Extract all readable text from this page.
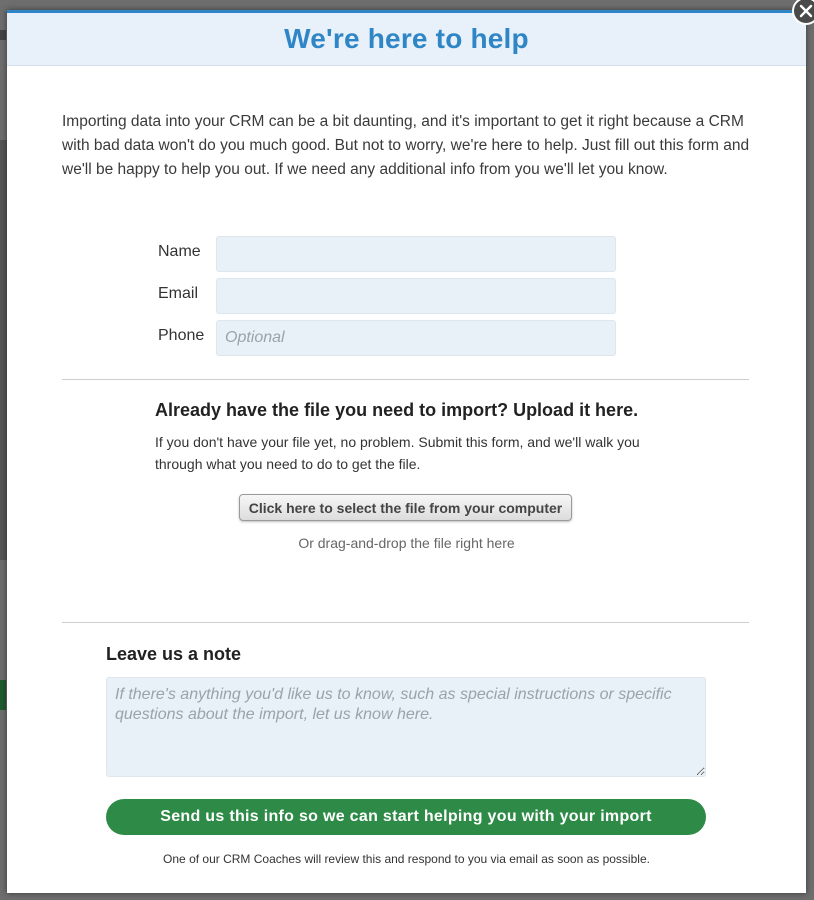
We're here to help
Importing data into your CRM can be a bit daunting, and it's important to get it right because a CRM with bad data won't do you much good. But not to worry, we're here to help. Just fill out this form and we'll be happy to help you out. If we need any additional info from you we'll let you know.
Name
Email
Phone
Optional
Already have the file you need to import? Upload it here.
If you don't have your file yet, no problem. Submit this form, and we'll walk you through what you need to do to get the file.
Click here to select the file from your computer
Or drag-and-drop the file right here
Leave us a note
If there's anything you'd like us to know, such as special instructions or specific questions about the import, let us know here.
Send us this info so we can start helping you with your import
One of our CRM Coaches will review this and respond to you via email as soon as possible.
